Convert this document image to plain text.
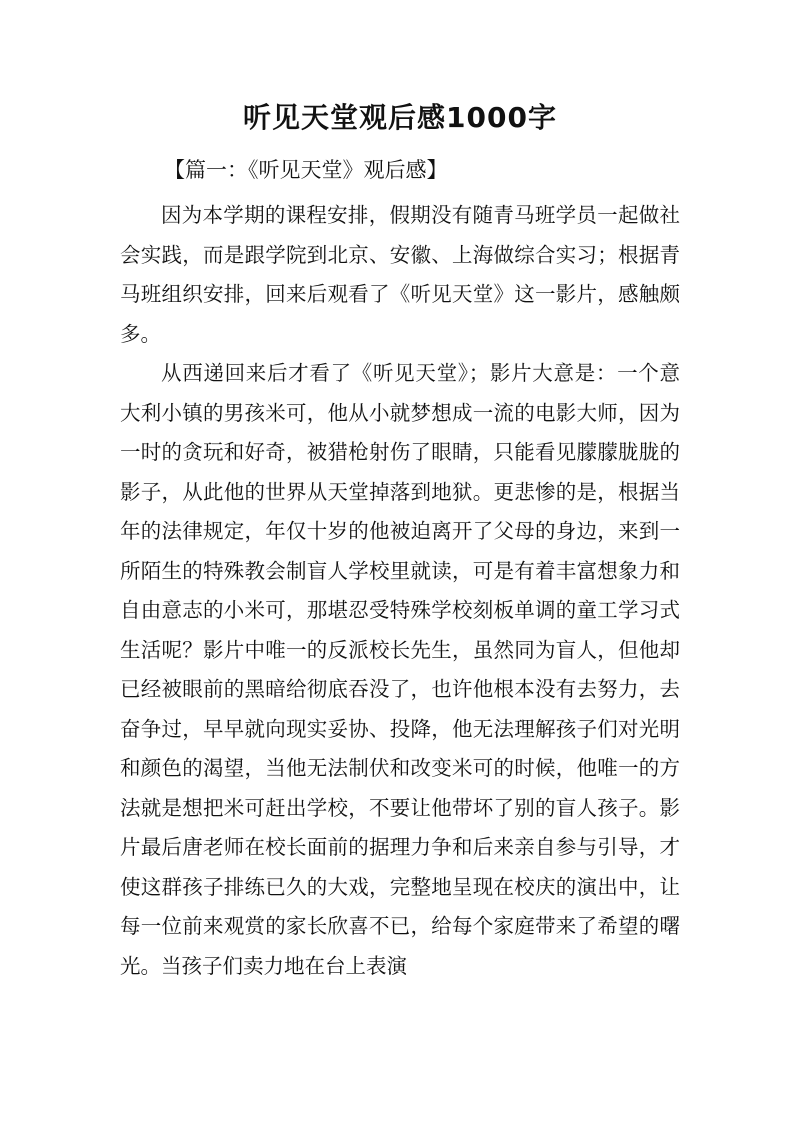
听见天堂观后感1000字

【篇一：《听见天堂》观后感】

因为本学期的课程安排，假期没有随青马班学员一起做社会实践，而是跟学院到北京、安徽、上海做综合实习；根据青马班组织安排，回来后观看了《听见天堂》这一影片，感触颇多。

从西递回来后才看了《听见天堂》；影片大意是：一个意大利小镇的男孩米可，他从小就梦想成一流的电影大师，因为一时的贪玩和好奇，被猎枪射伤了眼睛，只能看见朦朦胧胧的影子，从此他的世界从天堂掉落到地狱。更悲惨的是，根据当年的法律规定，年仅十岁的他被迫离开了父母的身边，来到一所陌生的特殊教会制盲人学校里就读，可是有着丰富想象力和自由意志的小米可，那堪忍受特殊学校刻板单调的童工学习式生活呢？影片中唯一的反派校长先生，虽然同为盲人，但他却已经被眼前的黑暗给彻底吞没了，也许他根本没有去努力，去奋争过，早早就向现实妥协、投降，他无法理解孩子们对光明和颜色的渴望，当他无法制伏和改变米可的时候，他唯一的方法就是想把米可赶出学校，不要让他带坏了别的盲人孩子。影片最后唐老师在校长面前的据理力争和后来亲自参与引导，才使这群孩子排练已久的大戏，完整地呈现在校庆的演出中，让每一位前来观赏的家长欣喜不已，给每个家庭带来了希望的曙光。当孩子们卖力地在台上表演
